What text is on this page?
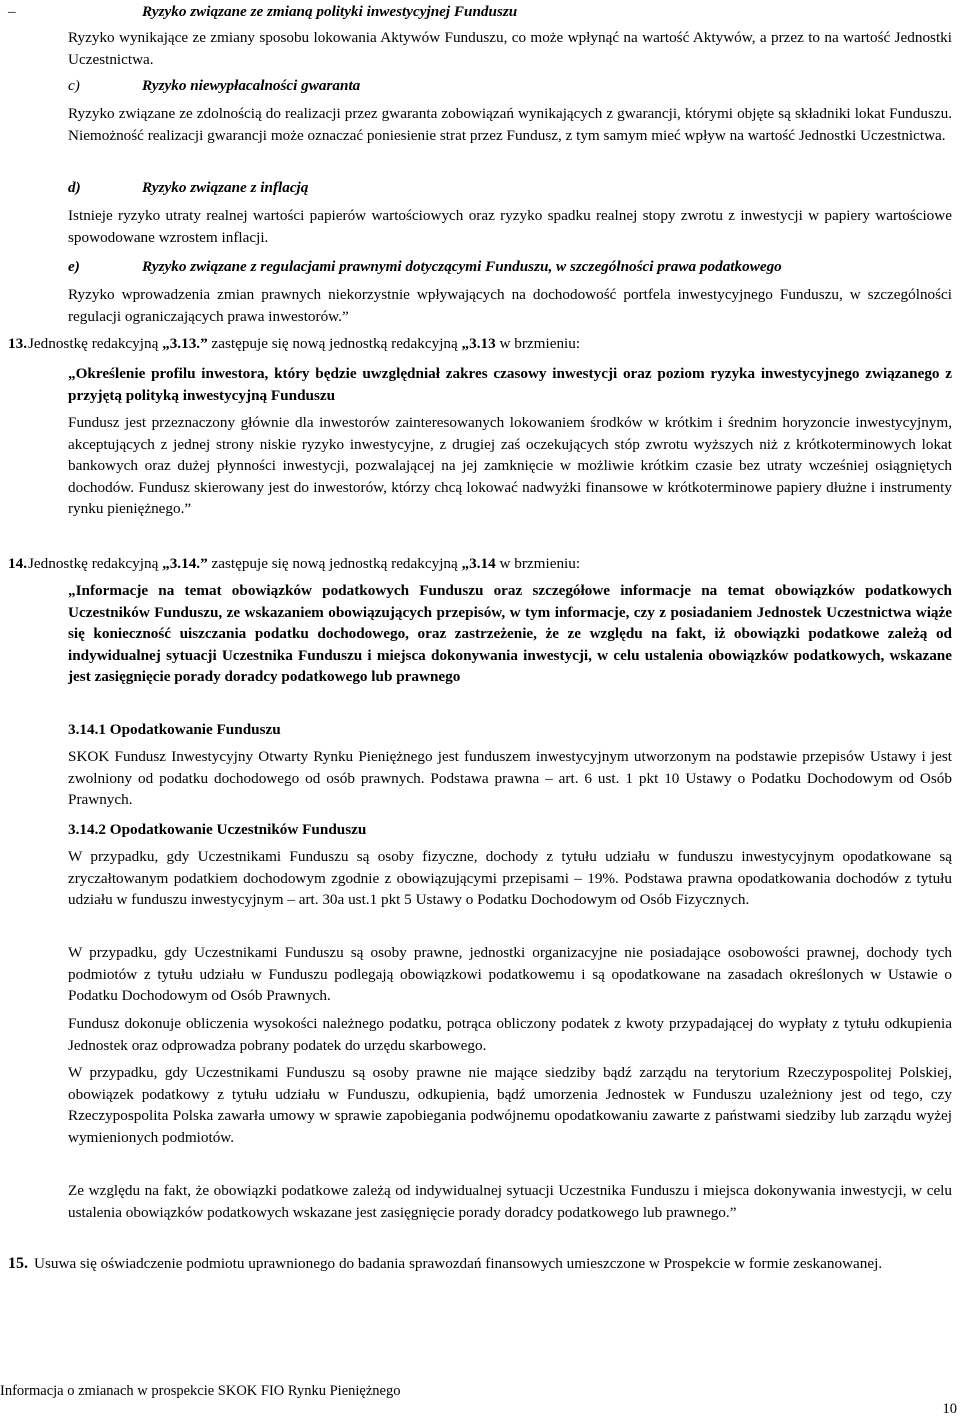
–	Ryzyko związane ze zmianą polityki inwestycyjnej Funduszu

Ryzyko wynikające ze zmiany sposobu lokowania Aktywów Funduszu, co może wpłynąć na wartość Aktywów, a przez to na wartość Jednostki Uczestnictwa.

c)	Ryzyko niewypłacalności gwaranta

Ryzyko związane ze zdolnością do realizacji przez gwaranta zobowiązań wynikających z gwarancji, którymi objęte są składniki lokat Funduszu. Niemożność realizacji gwarancji może oznaczać poniesienie strat przez Fundusz, z tym samym mieć wpływ na wartość Jednostki Uczestnictwa.

d)	Ryzyko związane z inflacją

Istnieje ryzyko utraty realnej wartości papierów wartościowych oraz ryzyko spadku realnej stopy zwrotu z inwestycji w papiery wartościowe spowodowane wzrostem inflacji.

e)	Ryzyko związane z regulacjami prawnymi dotyczącymi Funduszu, w szczególności prawa podatkowego

Ryzyko wprowadzenia zmian prawnych niekorzystnie wpływających na dochodowość portfela inwestycyjnego Funduszu, w szczególności regulacji ograniczających prawa inwestorów.”

13.Jednostkę redakcyjną „3.13.” zastępuje się nową jednostką redakcyjną „3.13 w brzmieniu:

„Określenie profilu inwestora, który będzie uwzględniał zakres czasowy inwestycji oraz poziom ryzyka inwestycyjnego związanego z przyjętą polityką inwestycyjną Funduszu

Fundusz jest przeznaczony głównie dla inwestorów zainteresowanych lokowaniem środków w krótkim i średnim horyzoncie inwestycyjnym, akceptujących z jednej strony niskie ryzyko inwestycyjne, z drugiej zaś oczekujących stóp zwrotu wyższych niż z krótkoterminowych lokat bankowych oraz dużej płynności inwestycji, pozwalającej na jej zamknięcie w możliwie krótkim czasie bez utraty wcześniej osiągniętych dochodów. Fundusz skierowany jest do inwestorów, którzy chcą lokować nadwyżki finansowe w krótkoterminowe papiery dłużne i instrumenty rynku pieniężnego.”

14.Jednostkę redakcyjną „3.14.” zastępuje się nową jednostką redakcyjną „3.14 w brzmieniu:

„Informacje na temat obowiązków podatkowych Funduszu oraz szczegółowe informacje na temat obowiązków podatkowych Uczestników Funduszu, ze wskazaniem obowiązujących przepisów, w tym informacje, czy z posiadaniem Jednostek Uczestnictwa wiąże się konieczność uiszczania podatku dochodowego, oraz zastrzeżenie, że ze względu na fakt, iż obowiązki podatkowe zależą od indywidualnej sytuacji Uczestnika Funduszu i miejsca dokonywania inwestycji, w celu ustalenia obowiązków podatkowych, wskazane jest zasięgnięcie porady doradcy podatkowego lub prawnego

3.14.1 Opodatkowanie Funduszu

SKOK Fundusz Inwestycyjny Otwarty Rynku Pieniężnego jest funduszem inwestycyjnym utworzonym na podstawie przepisów Ustawy i jest zwolniony od podatku dochodowego od osób prawnych. Podstawa prawna – art. 6 ust. 1 pkt 10 Ustawy o Podatku Dochodowym od Osób Prawnych.

3.14.2 Opodatkowanie Uczestników Funduszu

W przypadku, gdy Uczestnikami Funduszu są osoby fizyczne, dochody z tytułu udziału w funduszu inwestycyjnym opodatkowane są zryczałtowanym podatkiem dochodowym zgodnie z obowiązującymi przepisami – 19%. Podstawa prawna opodatkowania dochodów z tytułu udziału w funduszu inwestycyjnym – art. 30a ust.1 pkt 5 Ustawy o Podatku Dochodowym od Osób Fizycznych.

W przypadku, gdy Uczestnikami Funduszu są osoby prawne, jednostki organizacyjne nie posiadające osobowości prawnej, dochody tych podmiotów z tytułu udziału w Funduszu podlegają obowiązkowi podatkowemu i są opodatkowane na zasadach określonych w Ustawie o Podatku Dochodowym od Osób Prawnych.

Fundusz dokonuje obliczenia wysokości należnego podatku, potrąca obliczony podatek z kwoty przypadającej do wypłaty z tytułu odkupienia Jednostek oraz odprowadza pobrany podatek do urzędu skarbowego.

W przypadku, gdy Uczestnikami Funduszu są osoby prawne nie mające siedziby bądź zarządu na terytorium Rzeczypospolitej Polskiej, obowiązek podatkowy z tytułu udziału w Funduszu, odkupienia, bądź umorzenia Jednostek w Funduszu uzależniony jest od tego, czy Rzeczypospolita Polska zawarła umowy w sprawie zapobiegania podwójnemu opodatkowaniu zawarte z państwami siedziby lub zarządu wyżej wymienionych podmiotów.

Ze względu na fakt, że obowiązki podatkowe zależą od indywidualnej sytuacji Uczestnika Funduszu i miejsca dokonywania inwestycji, w celu ustalenia obowiązków podatkowych wskazane jest zasięgnięcie porady doradcy podatkowego lub prawnego.”

15. Usuwa się oświadczenie podmiotu uprawnionego do badania sprawozdań finansowych umieszczone w Prospekcie w formie zeskanowanej.
Informacja o zmianach w prospekcie SKOK FIO Rynku Pieniężnego
10
